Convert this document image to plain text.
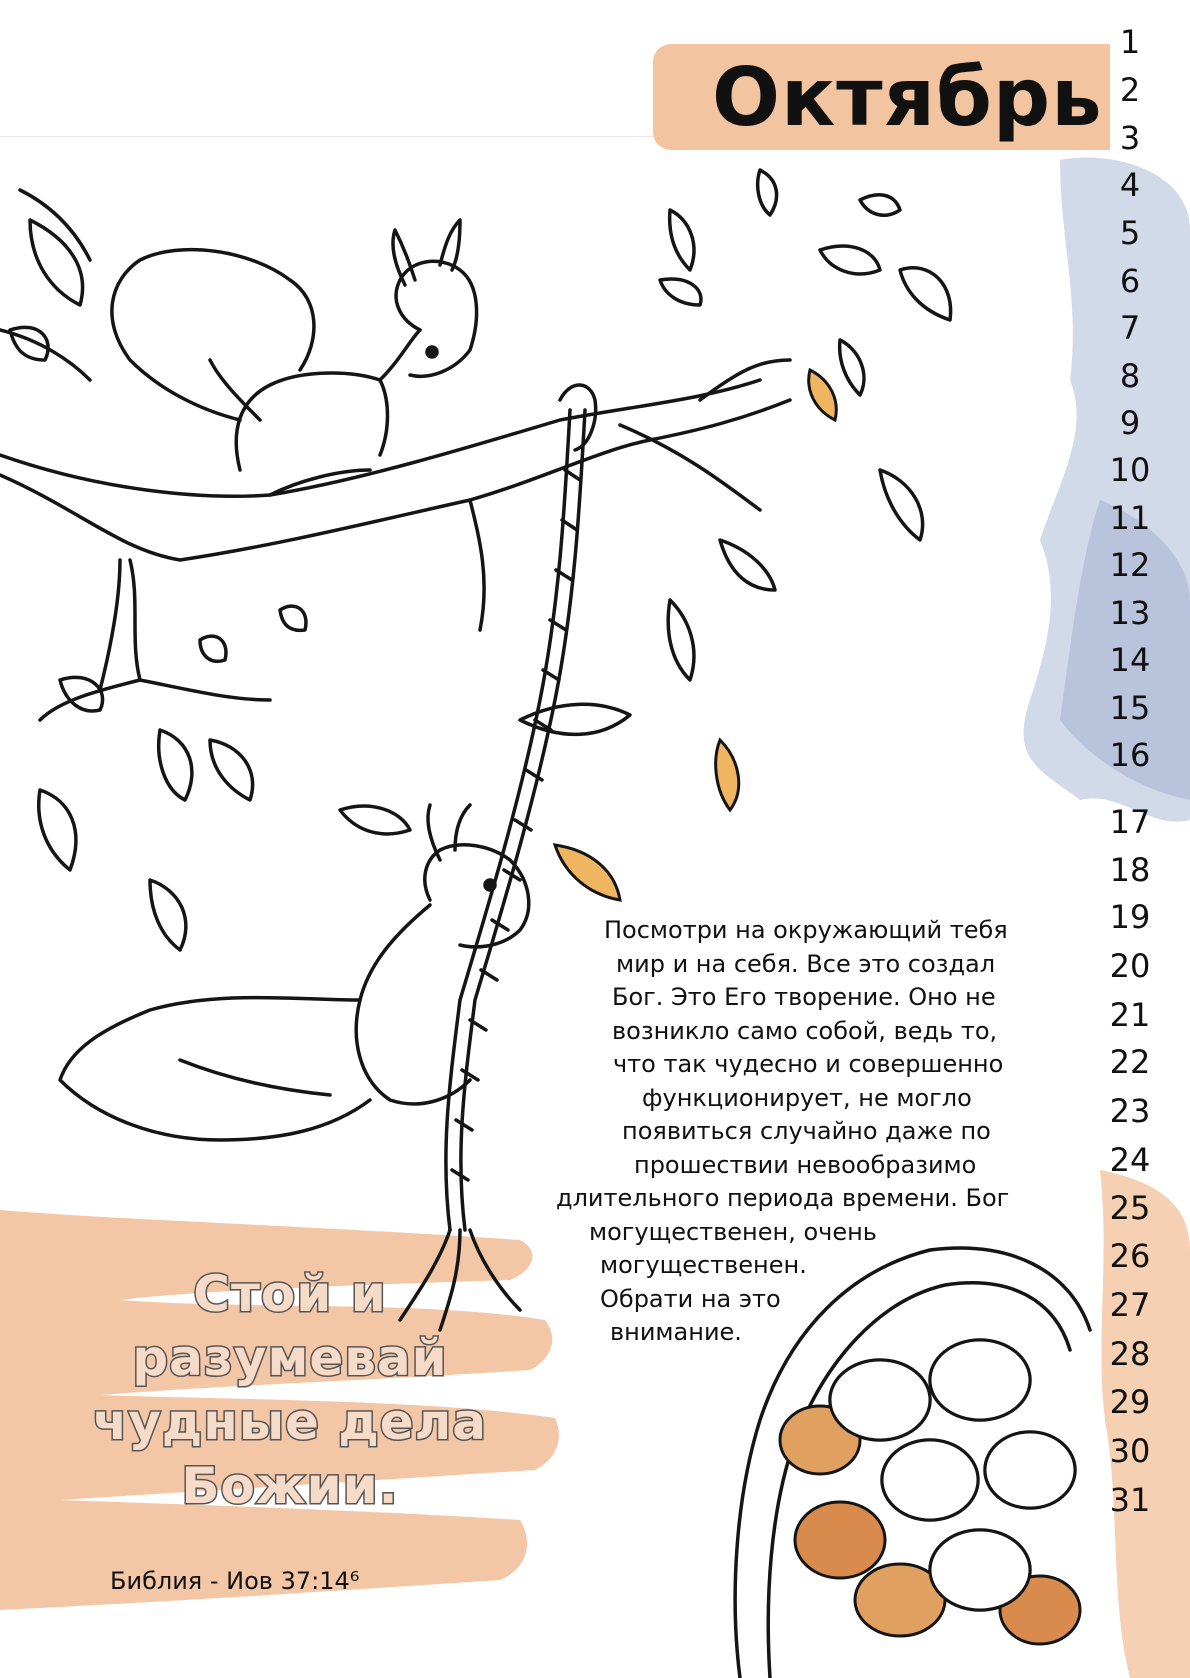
Октябрь
1
2
3
4
5
6
7
8
9
10
11
12
13
14
15
16
17
18
19
20
21
22
23
24
25
26
27
28
29
30
31
Посмотри на окружающий тебя
мир и на себя. Все это создал
Бог. Это Его творение. Оно не
возникло само собой, ведь то,
что так чудесно и совершенно
функционирует, не могло
появиться случайно даже по
прошествии невообразимо
длительного периода времени. Бог
могущественен, очень
могущественен.
Обрати на это
внимание.
Стой и
разумевай
чудные дела
Божии.
Библия - Иов 37:14⁶
